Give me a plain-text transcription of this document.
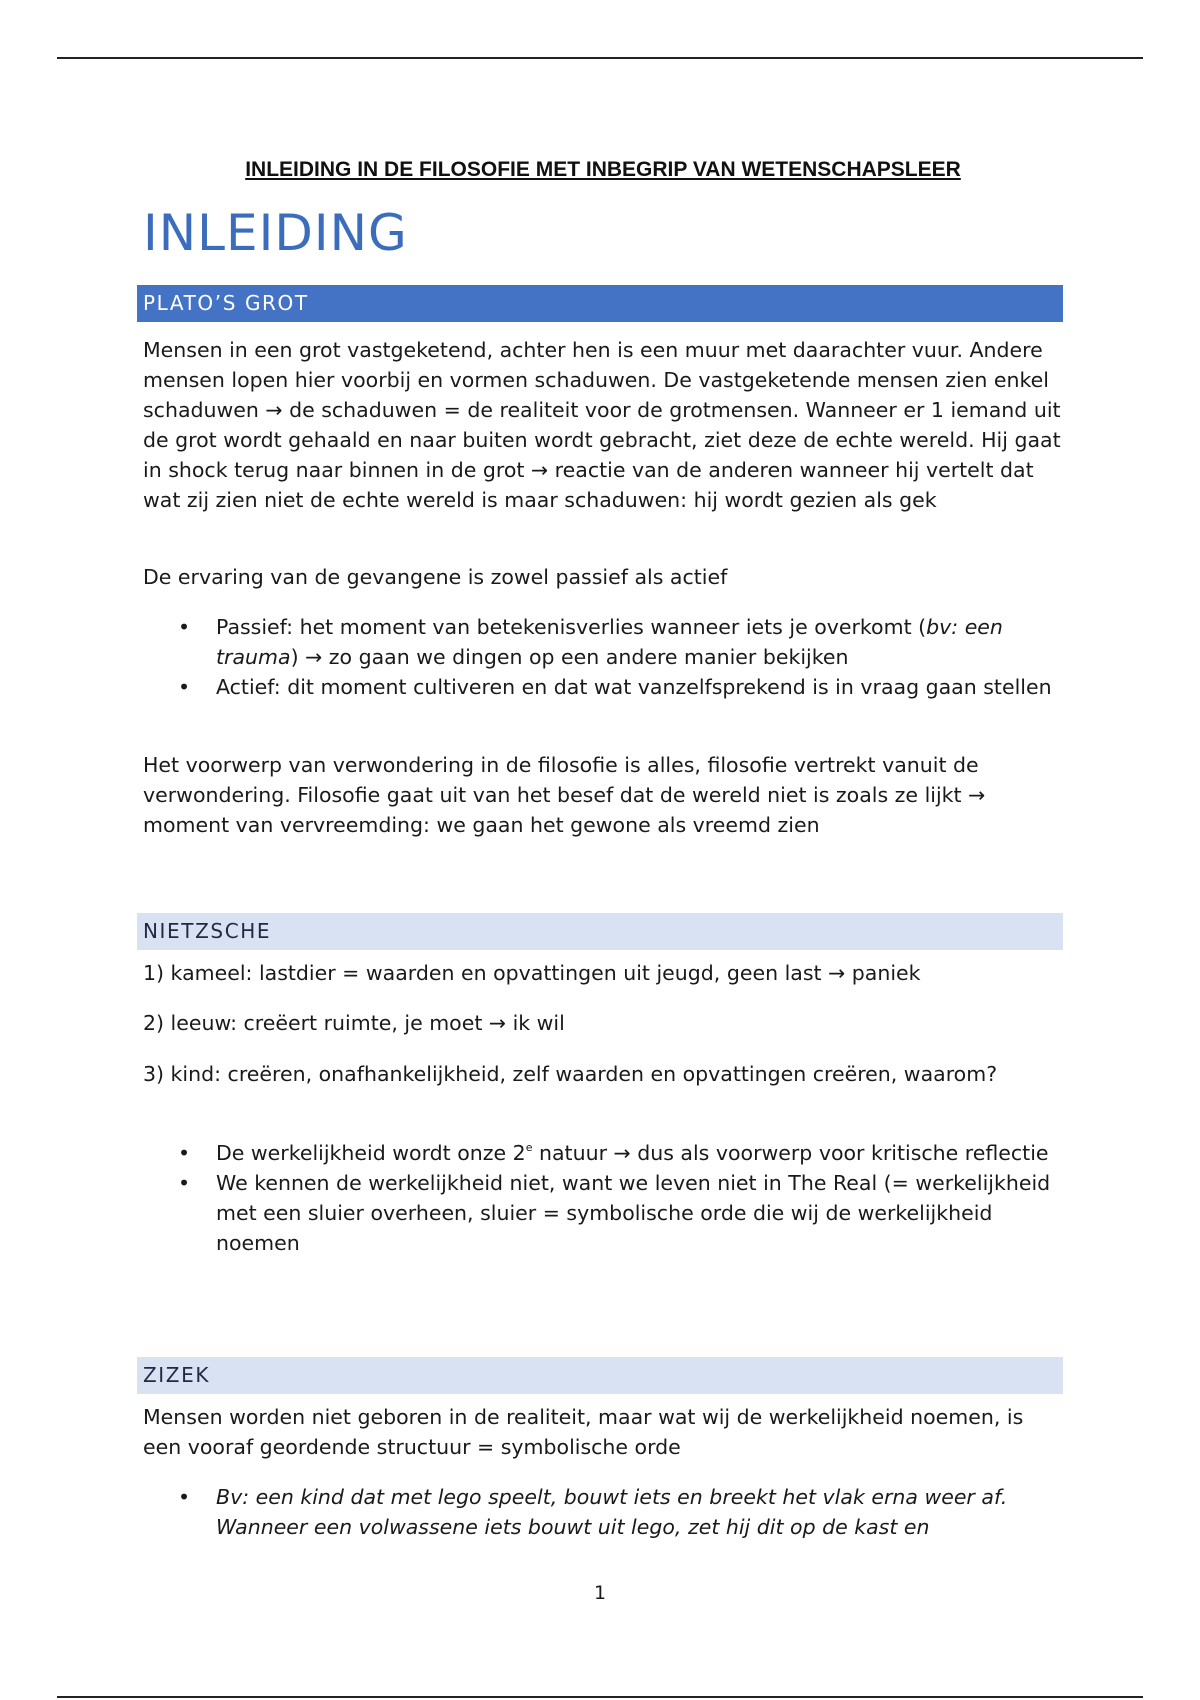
INLEIDING IN DE FILOSOFIE MET INBEGRIP VAN WETENSCHAPSLEER
INLEIDING
PLATO’S GROT

Mensen in een grot vastgeketend, achter hen is een muur met daarachter vuur. Andere mensen lopen hier voorbij en vormen schaduwen. De vastgeketende mensen zien enkel schaduwen → de schaduwen = de realiteit voor de grotmensen. Wanneer er 1 iemand uit de grot wordt gehaald en naar buiten wordt gebracht, ziet deze de echte wereld. Hij gaat in shock terug naar binnen in de grot → reactie van de anderen wanneer hij vertelt dat wat zij zien niet de echte wereld is maar schaduwen: hij wordt gezien als gek

De ervaring van de gevangene is zowel passief als actief

• Passief: het moment van betekenisverlies wanneer iets je overkomt (bv: een trauma) → zo gaan we dingen op een andere manier bekijken
• Actief: dit moment cultiveren en dat wat vanzelfsprekend is in vraag gaan stellen

Het voorwerp van verwondering in de filosofie is alles, filosofie vertrekt vanuit de verwondering. Filosofie gaat uit van het besef dat de wereld niet is zoals ze lijkt → moment van vervreemding: we gaan het gewone als vreemd zien

NIETZSCHE

1) kameel: lastdier = waarden en opvattingen uit jeugd, geen last → paniek

2) leeuw: creëert ruimte, je moet → ik wil

3) kind: creëren, onafhankelijkheid, zelf waarden en opvattingen creëren, waarom?

• De werkelijkheid wordt onze 2e natuur → dus als voorwerp voor kritische reflectie
• We kennen de werkelijkheid niet, want we leven niet in The Real (= werkelijkheid met een sluier overheen, sluier = symbolische orde die wij de werkelijkheid noemen
ZIZEK

Mensen worden niet geboren in de realiteit, maar wat wij de werkelijkheid noemen, is een vooraf geordende structuur = symbolische orde

• Bv: een kind dat met lego speelt, bouwt iets en breekt het vlak erna weer af. Wanneer een volwassene iets bouwt uit lego, zet hij dit op de kast en
1
